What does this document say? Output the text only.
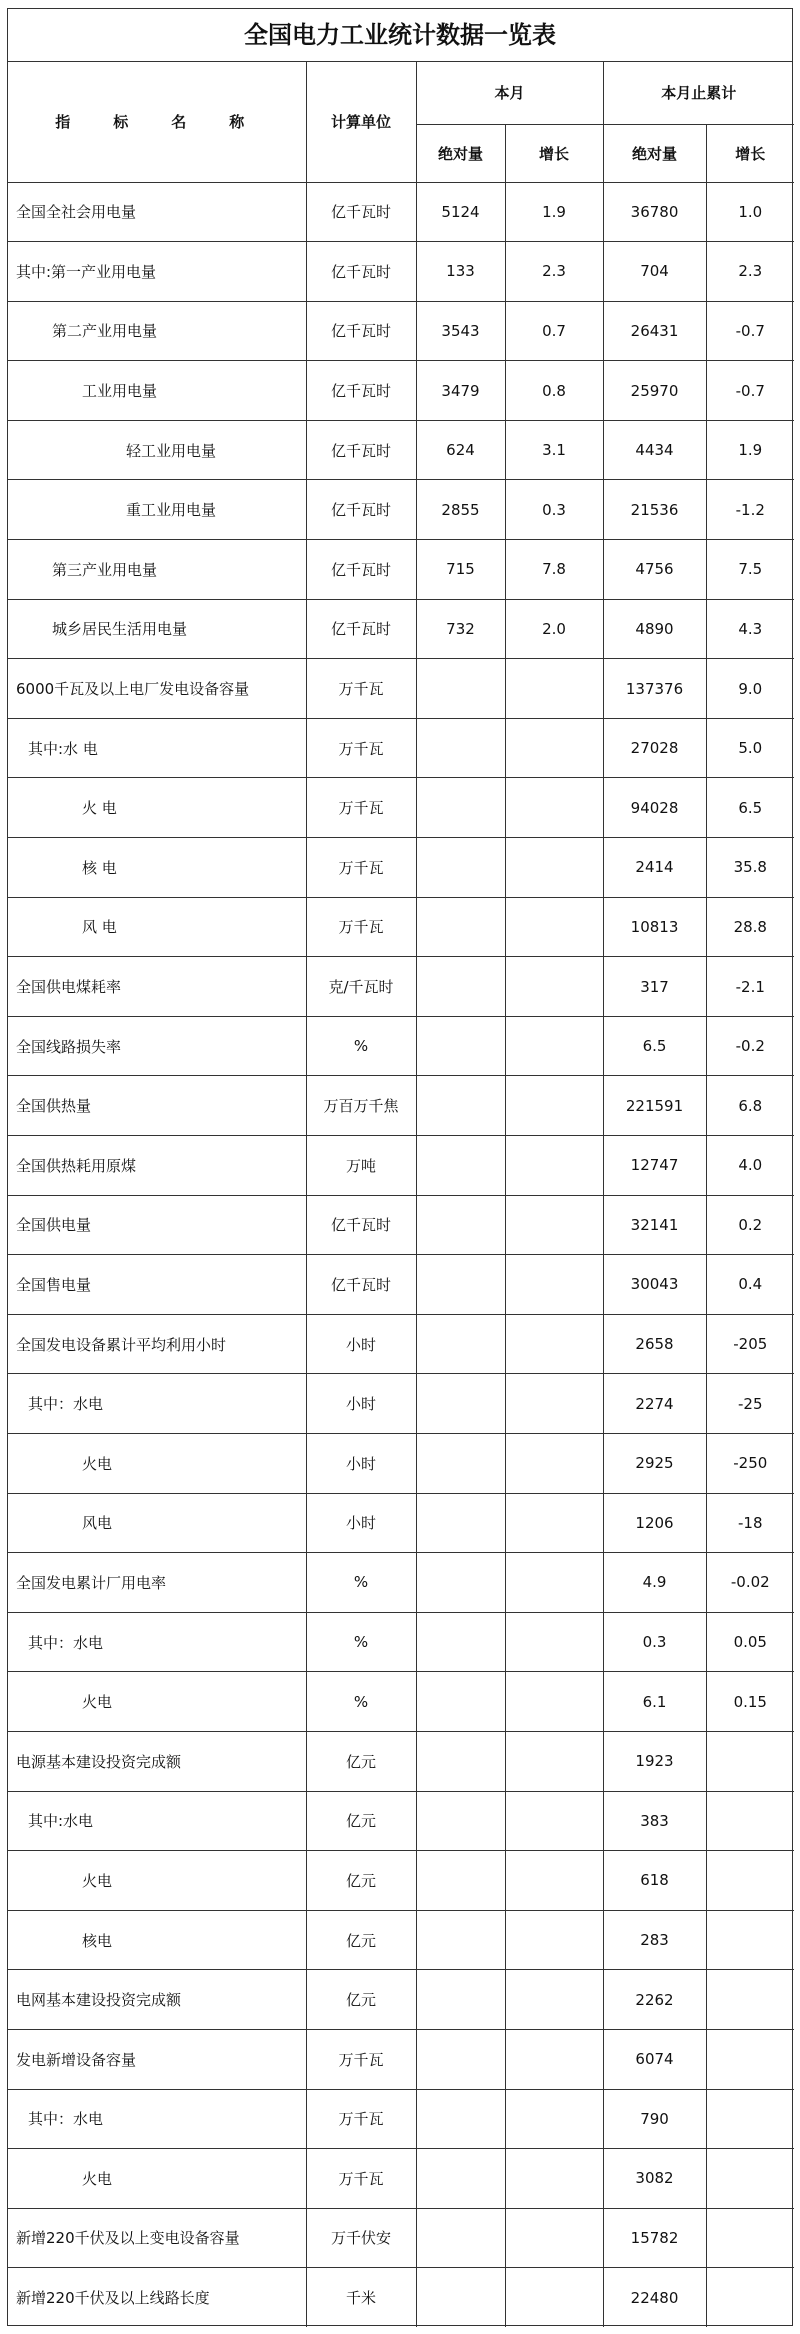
全国电力工业统计数据一览表
指　标　名　称	计算单位	本月		本月止累计	
		绝对量	增长	绝对量	增长
全国全社会用电量	亿千瓦时	5124	1.9	36780	1.0
其中:第一产业用电量	亿千瓦时	133	2.3	704	2.3
第二产业用电量	亿千瓦时	3543	0.7	26431	-0.7
工业用电量	亿千瓦时	3479	0.8	25970	-0.7
轻工业用电量	亿千瓦时	624	3.1	4434	1.9
重工业用电量	亿千瓦时	2855	0.3	21536	-1.2
第三产业用电量	亿千瓦时	715	7.8	4756	7.5
城乡居民生活用电量	亿千瓦时	732	2.0	4890	4.3
6000千瓦及以上电厂发电设备容量	万千瓦			137376	9.0
其中:水 电	万千瓦			27028	5.0
火 电	万千瓦			94028	6.5
核 电	万千瓦			2414	35.8
风 电	万千瓦			10813	28.8
全国供电煤耗率	克/千瓦时			317	-2.1
全国线路损失率	%			6.5	-0.2
全国供热量	万百万千焦			221591	6.8
全国供热耗用原煤	万吨			12747	4.0
全国供电量	亿千瓦时			32141	0.2
全国售电量	亿千瓦时			30043	0.4
全国发电设备累计平均利用小时	小时			2658	-205
其中：水电	小时			2274	-25
火电	小时			2925	-250
风电	小时			1206	-18
全国发电累计厂用电率	%			4.9	-0.02
其中：水电	%			0.3	0.05
火电	%			6.1	0.15
电源基本建设投资完成额	亿元			1923	
其中:水电	亿元			383	
火电	亿元			618	
核电	亿元			283	
电网基本建设投资完成额	亿元			2262	
发电新增设备容量	万千瓦			6074	
其中：水电	万千瓦			790	
火电	万千瓦			3082	
新增220千伏及以上变电设备容量	万千伏安			15782	
新增220千伏及以上线路长度	千米			22480	
